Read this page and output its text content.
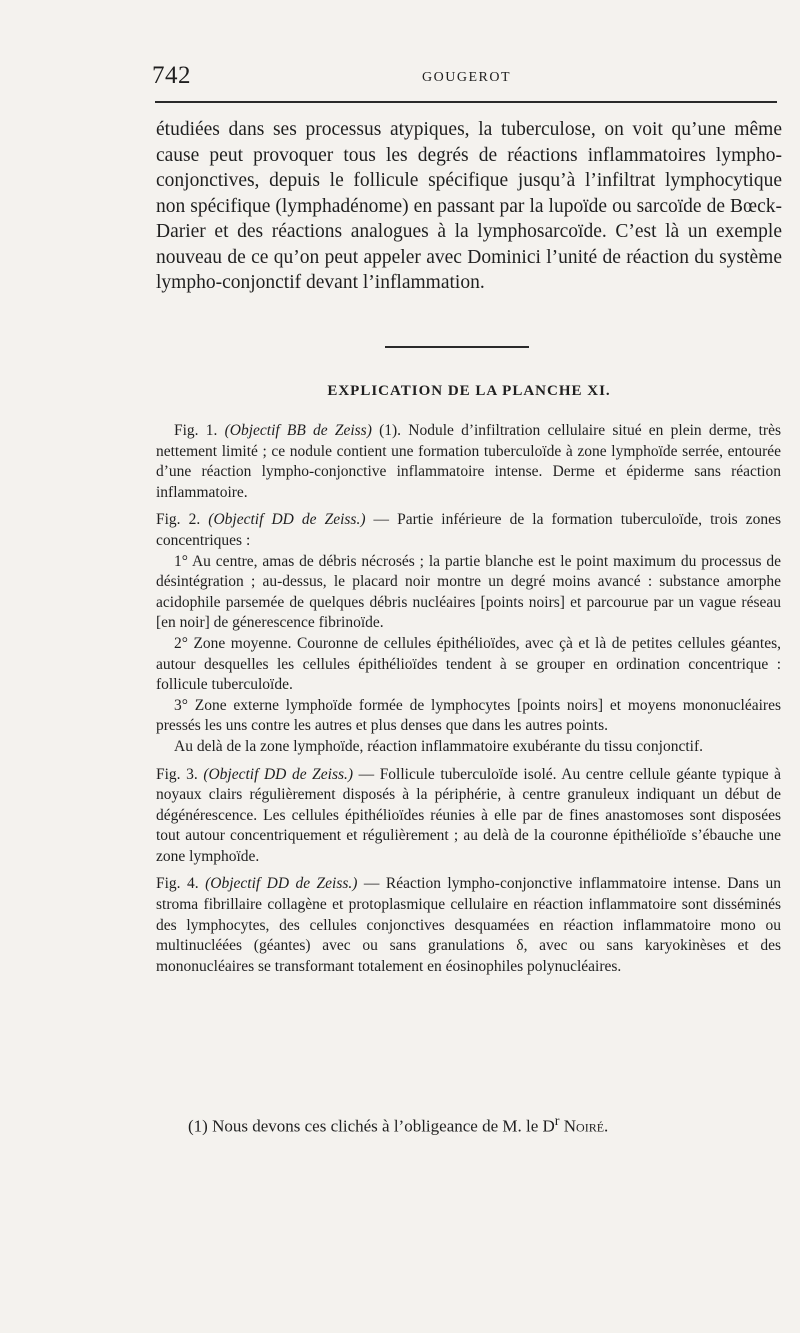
742	GOUGEROT

étudiées dans ses processus atypiques, la tuberculose, on voit qu’une même cause peut provoquer tous les degrés de réactions inflammatoires lympho-conjonctives, depuis le follicule spécifique jusqu’à l’infiltrat lymphocytique non spécifique (lymphadénome) en passant par la lupoïde ou sarcoïde de Bœck-Darier et des réactions analogues à la lymphosarcoïde. C’est là un exemple nouveau de ce qu’on peut appeler avec Dominici l’unité de réaction du système lympho-conjonctif devant l’inflammation.

EXPLICATION DE LA PLANCHE XI.

Fig. 1. (Objectif BB de Zeiss) (1). Nodule d’infiltration cellulaire situé en plein derme, très nettement limité ; ce nodule contient une formation tuberculoïde à zone lymphoïde serrée, entourée d’une réaction lympho-conjonctive inflammatoire intense. Derme et épiderme sans réaction inflammatoire.

Fig. 2. (Objectif DD de Zeiss.) — Partie inférieure de la formation tuberculoïde, trois zones concentriques :

1° Au centre, amas de débris nécrosés ; la partie blanche est le point maximum du processus de désintégration ; au-dessus, le placard noir montre un degré moins avancé : substance amorphe acidophile parsemée de quelques débris nucléaires [points noirs] et parcourue par un vague réseau [en noir] de génerescence fibrinoïde.

2° Zone moyenne. Couronne de cellules épithélioïdes, avec çà et là de petites cellules géantes, autour desquelles les cellules épithélioïdes tendent à se grouper en ordination concentrique : follicule tuberculoïde.

3° Zone externe lymphoïde formée de lymphocytes [points noirs] et moyens mononucléaires pressés les uns contre les autres et plus denses que dans les autres points.

Au delà de la zone lymphoïde, réaction inflammatoire exubérante du tissu conjonctif.

Fig. 3. (Objectif DD de Zeiss.) — Follicule tuberculoïde isolé. Au centre cellule géante typique à noyaux clairs régulièrement disposés à la périphérie, à centre granuleux indiquant un début de dégénérescence. Les cellules épithélioïdes réunies à elle par de fines anastomoses sont disposées tout autour concentriquement et régulièrement ; au delà de la couronne épithélioïde s’ébauche une zone lymphoïde.

Fig. 4. (Objectif DD de Zeiss.) — Réaction lympho-conjonctive inflammatoire intense. Dans un stroma fibrillaire collagène et protoplasmique cellulaire en réaction inflammatoire sont disséminés des lymphocytes, des cellules conjonctives desquamées en réaction inflammatoire mono ou multinucléées (géantes) avec ou sans granulations δ, avec ou sans karyokinèses et des mononucléaires se transformant totalement en éosinophiles polynucléaires.

(1) Nous devons ces clichés à l’obligeance de M. le $D^r$ Noiré.
